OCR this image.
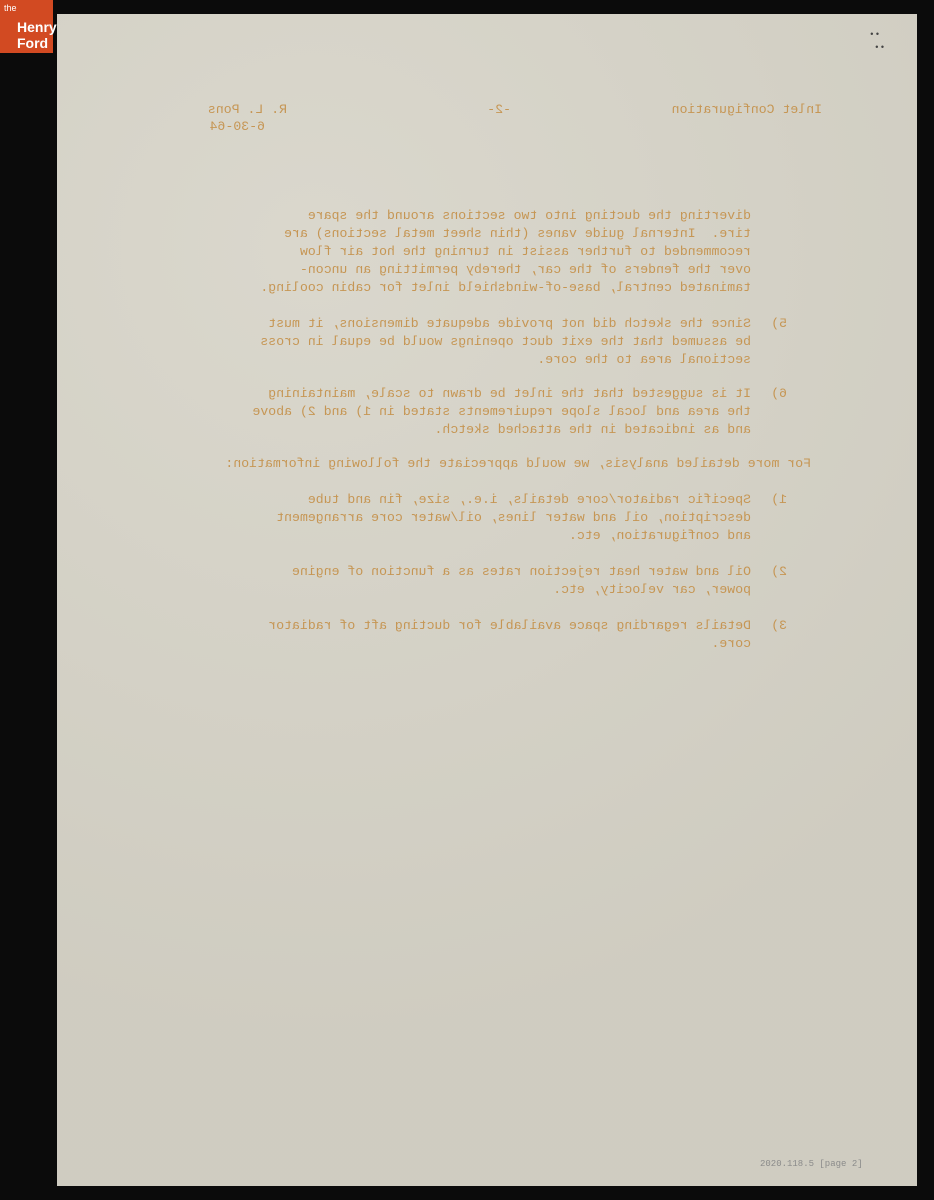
the
Henry
Ford
Inlet Configuration
-2-
R. L. Pons
6-30-64
diverting the ducting into two sections around the spare
tire.  Internal guide vanes (thin sheet metal sections) are
recommended to further assist in turning the hot air flow
over the fenders of the car, thereby permitting an uncon-
taminated central, base-of-windshield inlet for cabin cooling.
5)
Since the sketch did not provide adequate dimensions, it must
be assumed that the exit duct openings would be equal in cross
sectional area to the core.
6)
It is suggested that the inlet be drawn to scale, maintaining
the area and local slope requirements stated in 1) and 2) above
and as indicated in the attached sketch.
For more detailed analysis, we would appreciate the following information:
1)
Specific radiator/core details, i.e., size, fin and tube
description, oil and water lines, oil/water core arrangement
and configuration, etc.
2)
Oil and water heat rejection rates as a function of engine
power, car velocity, etc.
3)
Details regarding space available for ducting aft of radiator
core.
• •
• •
2020.118.5 [page 2]
